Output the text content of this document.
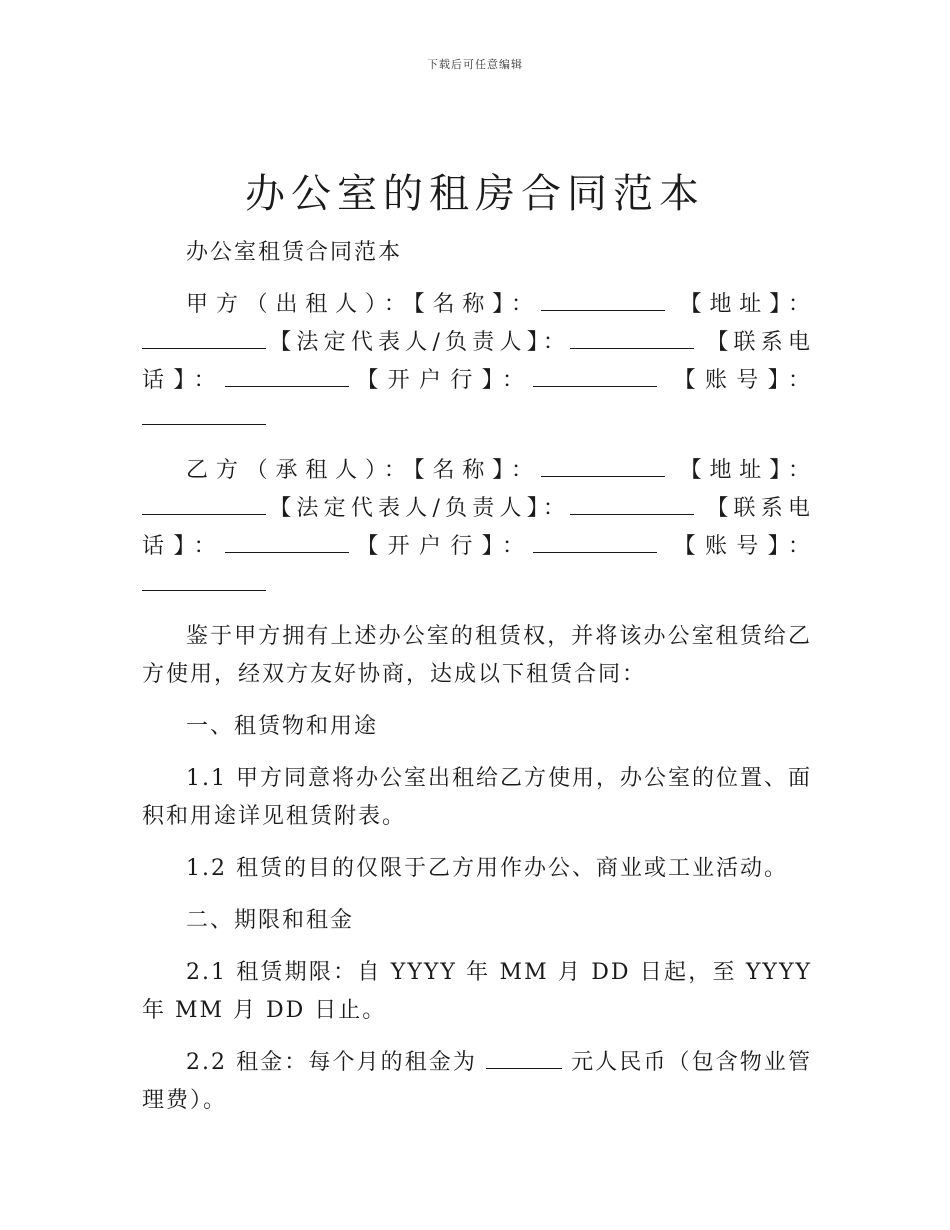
下载后可任意编辑
办公室的租房合同范本

办公室租赁合同范本

甲方（出租人）：【名称】：	【地址】：【法定代表人/负责人】：	【联系电话】：	【开户行】：	【账号】：

乙方（承租人）：【名称】：	【地址】：【法定代表人/负责人】：	【联系电话】：	【开户行】：	【账号】：

鉴于甲方拥有上述办公室的租赁权，并将该办公室租赁给乙方使用，经双方友好协商，达成以下租赁合同：

一、租赁物和用途

1.1 甲方同意将办公室出租给乙方使用，办公室的位置、面积和用途详见租赁附表。

1.2 租赁的目的仅限于乙方用作办公、商业或工业活动。

二、期限和租金

2.1 租赁期限：自 YYYY 年 MM 月 DD 日起，至 YYYY 年 MM 月 DD 日止。

2.2 租金：每个月的租金为	元人民币（包含物业管理费）。
